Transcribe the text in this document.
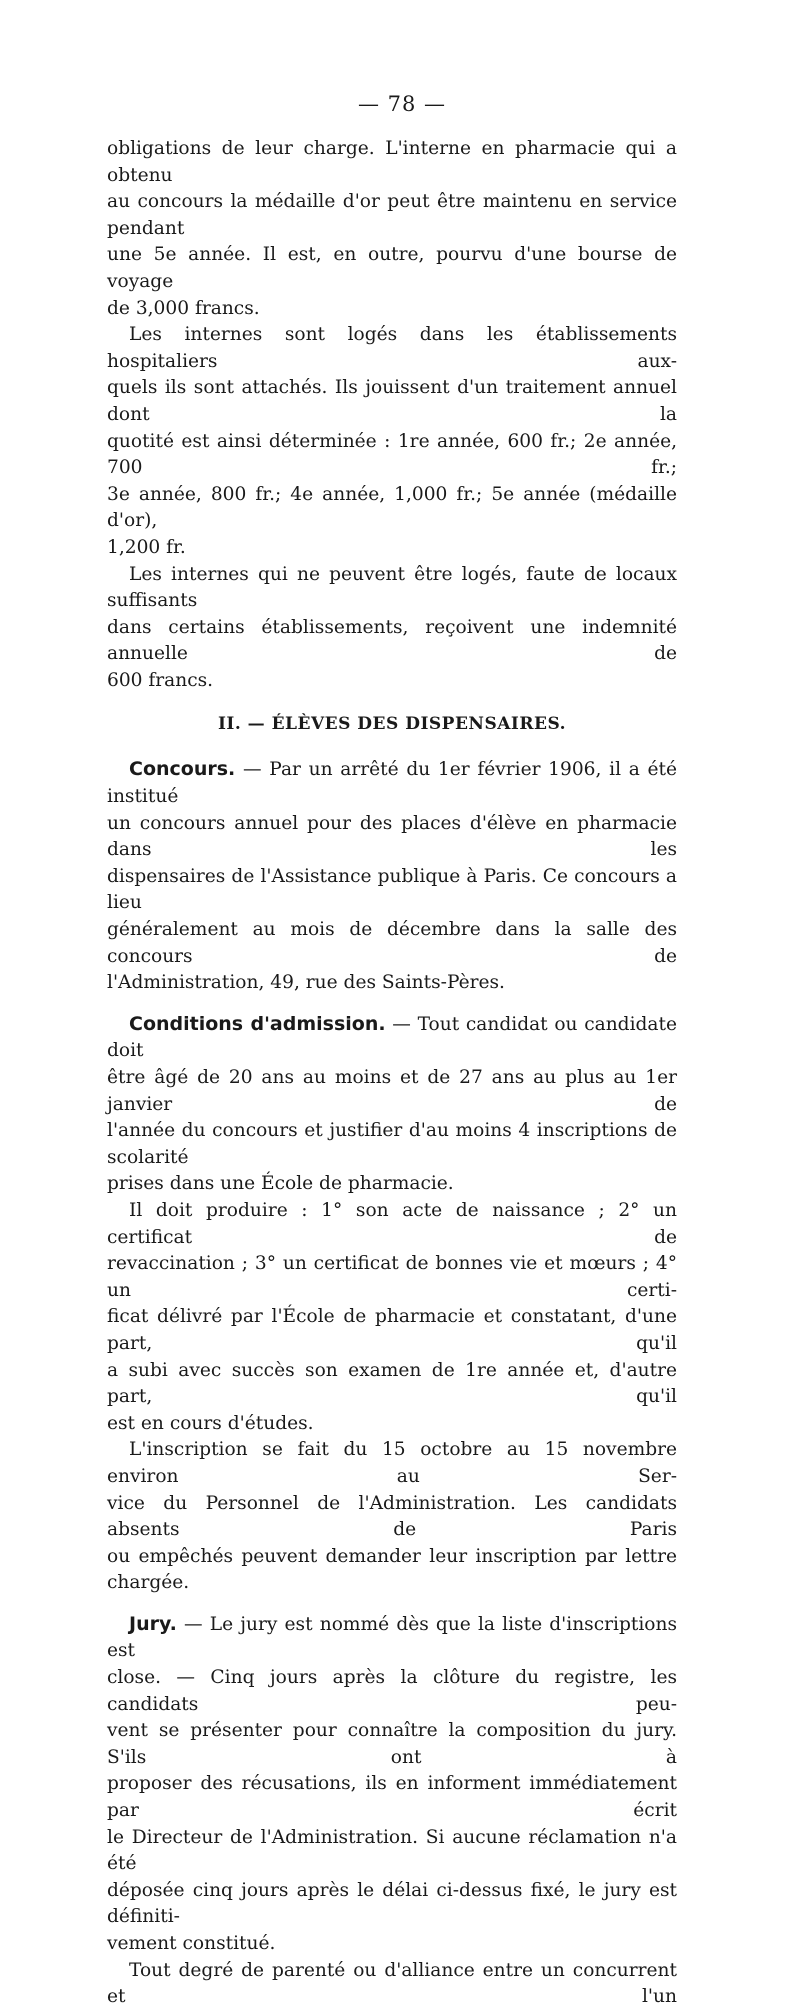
— 78 —

obligations de leur charge. L'interne en pharmacie qui a obtenu

au concours la médaille d'or peut être maintenu en service pendant

une 5e année. Il est, en outre, pourvu d'une bourse de voyage

de 3,000 francs.

Les internes sont logés dans les établissements hospitaliers aux-

quels ils sont attachés. Ils jouissent d'un traitement annuel dont la

quotité est ainsi déterminée : 1re année, 600 fr.; 2e année, 700 fr.;

3e année, 800 fr.; 4e année, 1,000 fr.; 5e année (médaille d'or),

1,200 fr.

Les internes qui ne peuvent être logés, faute de locaux suffisants

dans certains établissements, reçoivent une indemnité annuelle de

600 francs.

II. — ÉLÈVES DES DISPENSAIRES.

Concours. — Par un arrêté du 1er février 1906, il a été institué

un concours annuel pour des places d'élève en pharmacie dans les

dispensaires de l'Assistance publique à Paris. Ce concours a lieu

généralement au mois de décembre dans la salle des concours de

l'Administration, 49, rue des Saints-Pères.

Conditions d'admission. — Tout candidat ou candidate doit

être âgé de 20 ans au moins et de 27 ans au plus au 1er janvier de

l'année du concours et justifier d'au moins 4 inscriptions de scolarité

prises dans une École de pharmacie.

Il doit produire : 1° son acte de naissance ; 2° un certificat de

revaccination ; 3° un certificat de bonnes vie et mœurs ; 4° un certi-

ficat délivré par l'École de pharmacie et constatant, d'une part, qu'il

a subi avec succès son examen de 1re année et, d'autre part, qu'il

est en cours d'études.

L'inscription se fait du 15 octobre au 15 novembre environ au Ser-

vice du Personnel de l'Administration. Les candidats absents de Paris

ou empêchés peuvent demander leur inscription par lettre chargée.

Jury. — Le jury est nommé dès que la liste d'inscriptions est

close. — Cinq jours après la clôture du registre, les candidats peu-

vent se présenter pour connaître la composition du jury. S'ils ont à

proposer des récusations, ils en informent immédiatement par écrit

le Directeur de l'Administration. Si aucune réclamation n'a été

déposée cinq jours après le délai ci-dessus fixé, le jury est définiti-

vement constitué.

Tout degré de parenté ou d'alliance entre un concurrent et l'un
